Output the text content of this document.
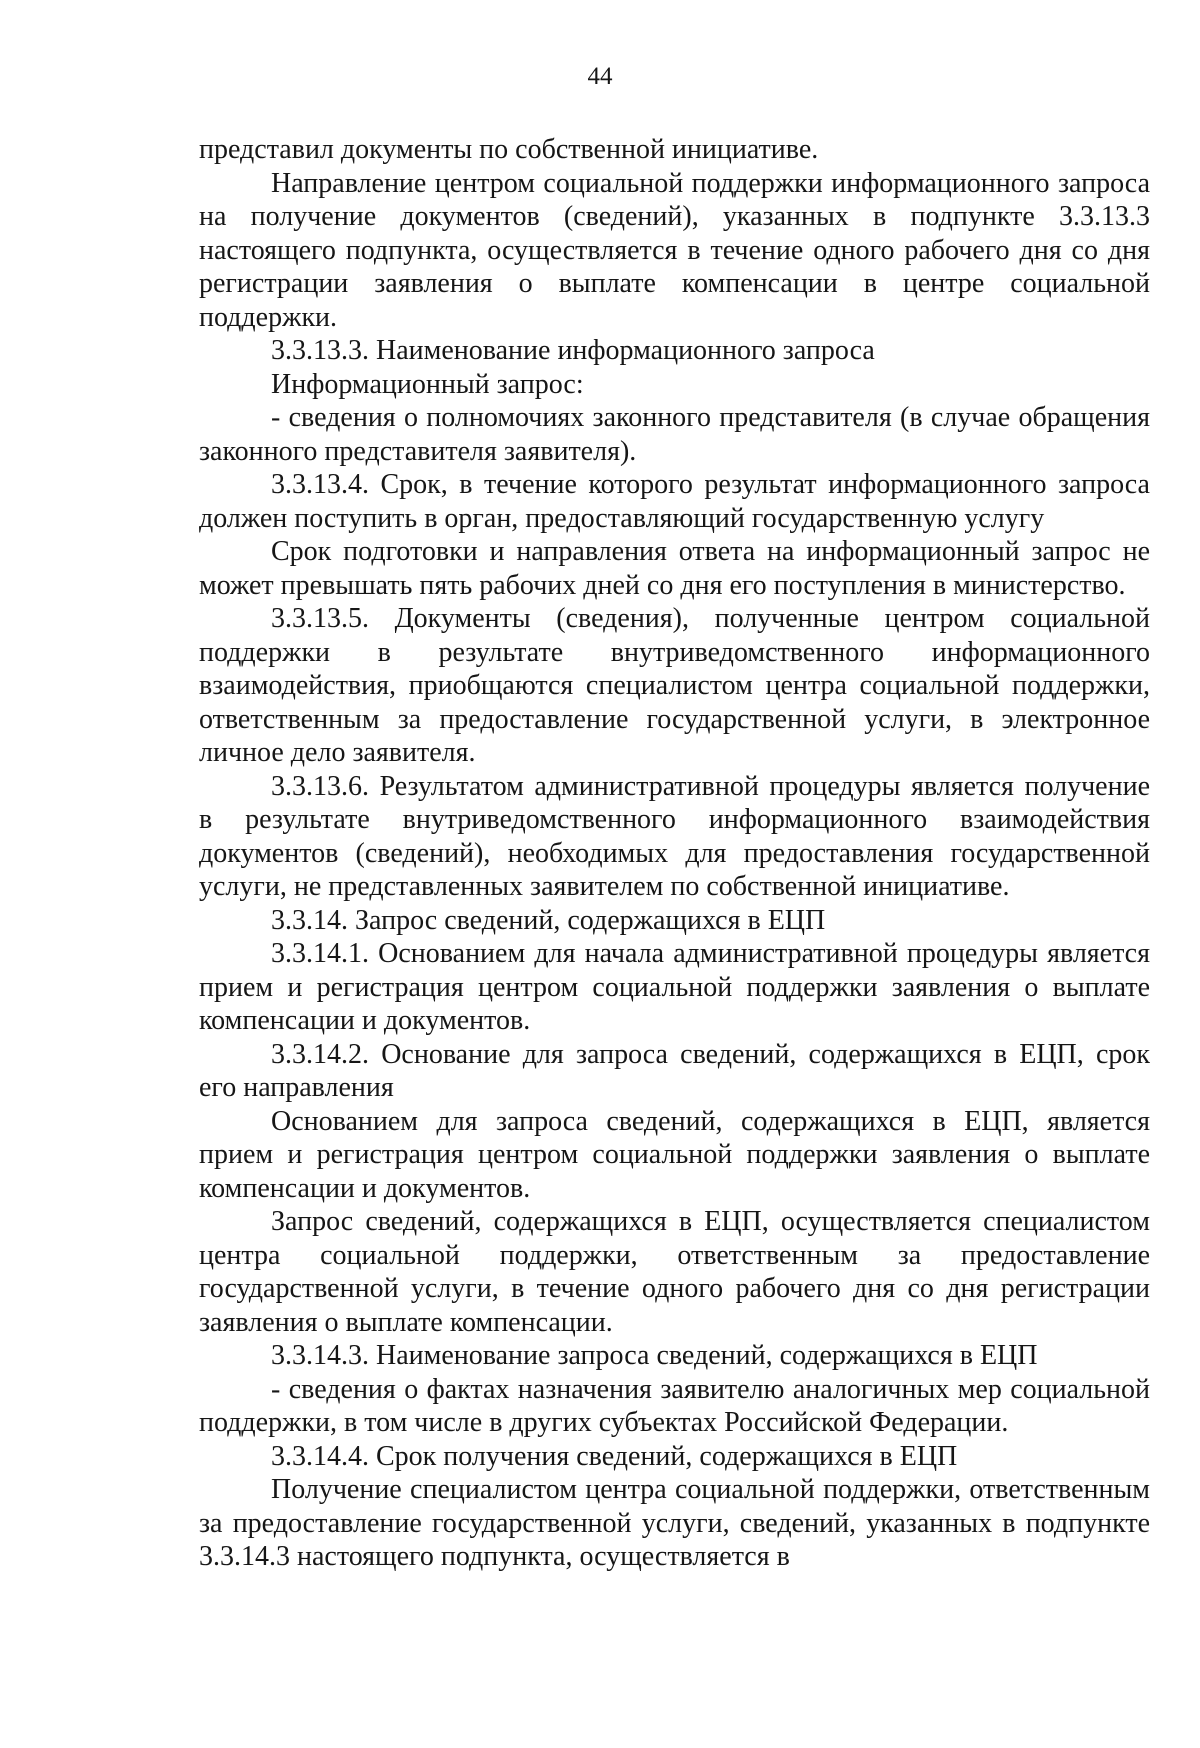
44

представил документы по собственной инициативе.

Направление центром социальной поддержки информационного запроса на получение документов (сведений), указанных в подпункте 3.3.13.3 настоящего подпункта, осуществляется в течение одного рабочего дня со дня регистрации заявления о выплате компенсации в центре социальной поддержки.

3.3.13.3. Наименование информационного запроса

Информационный запрос:

- сведения о полномочиях законного представителя (в случае обращения законного представителя заявителя).

3.3.13.4. Срок, в течение которого результат информационного запроса должен поступить в орган, предоставляющий государственную услугу

Срок подготовки и направления ответа на информационный запрос не может превышать пять рабочих дней со дня его поступления в министерство.

3.3.13.5. Документы (сведения), полученные центром социальной поддержки в результате внутриведомственного информационного взаимодействия, приобщаются специалистом центра социальной поддержки, ответственным за предоставление государственной услуги, в электронное личное дело заявителя.

3.3.13.6. Результатом административной процедуры является получение в результате внутриведомственного информационного взаимодействия документов (сведений), необходимых для предоставления государственной услуги, не представленных заявителем по собственной инициативе.

3.3.14. Запрос сведений, содержащихся в ЕЦП

3.3.14.1. Основанием для начала административной процедуры является прием и регистрация центром социальной поддержки заявления о выплате компенсации и документов.

3.3.14.2. Основание для запроса сведений, содержащихся в ЕЦП, срок его направления

Основанием для запроса сведений, содержащихся в ЕЦП, является прием и регистрация центром социальной поддержки заявления о выплате компенсации и документов.

Запрос сведений, содержащихся в ЕЦП, осуществляется специалистом центра социальной поддержки, ответственным за предоставление государственной услуги, в течение одного рабочего дня со дня регистрации заявления о выплате компенсации.

3.3.14.3. Наименование запроса сведений, содержащихся в ЕЦП

- сведения о фактах назначения заявителю аналогичных мер социальной поддержки, в том числе в других субъектах Российской Федерации.

3.3.14.4. Срок получения сведений, содержащихся в ЕЦП

Получение специалистом центра социальной поддержки, ответственным за предоставление государственной услуги, сведений, указанных в подпункте 3.3.14.3 настоящего подпункта, осуществляется в
